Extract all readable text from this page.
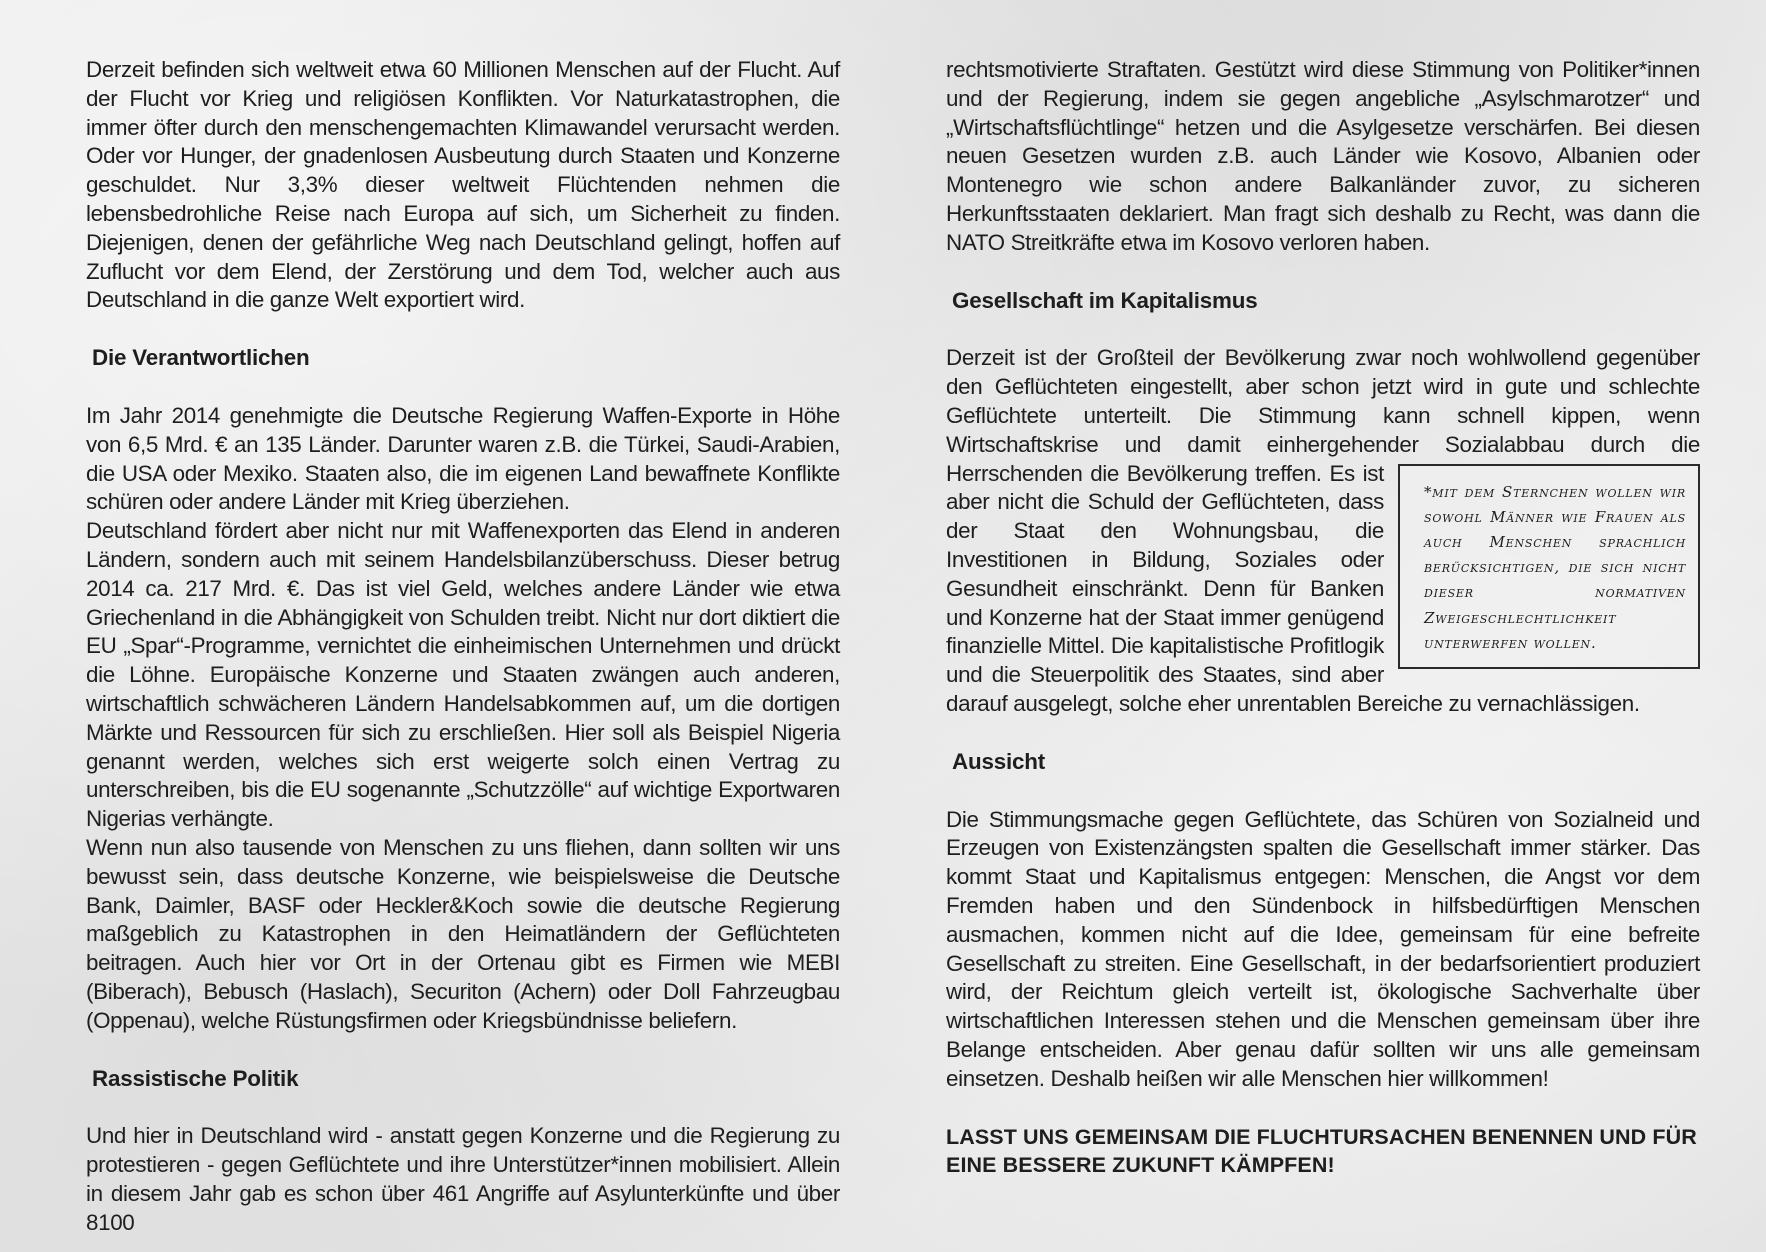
Derzeit befinden sich weltweit etwa 60 Millionen Menschen auf der Flucht. Auf der Flucht vor Krieg und religiösen Konflikten. Vor Naturkatastrophen, die immer öfter durch den menschengemachten Klimawandel verursacht werden. Oder vor Hunger, der gnadenlosen Ausbeutung durch Staaten und Konzerne geschuldet. Nur 3,3% dieser weltweit Flüchtenden nehmen die lebensbedrohliche Reise nach Europa auf sich, um Sicherheit zu finden. Diejenigen, denen der gefährliche Weg nach Deutschland gelingt, hoffen auf Zuflucht vor dem Elend, der Zerstörung und dem Tod, welcher auch aus Deutschland in die ganze Welt exportiert wird.

Die Verantwortlichen

Im Jahr 2014 genehmigte die Deutsche Regierung Waffen-Exporte in Höhe von 6,5 Mrd. € an 135 Länder. Darunter waren z.B. die Türkei, Saudi-Arabien, die USA oder Mexiko. Staaten also, die im eigenen Land bewaffnete Konflikte schüren oder andere Länder mit Krieg überziehen.

Deutschland fördert aber nicht nur mit Waffenexporten das Elend in anderen Ländern, sondern auch mit seinem Handelsbilanzüberschuss. Dieser betrug 2014 ca. 217 Mrd. €. Das ist viel Geld, welches andere Länder wie etwa Griechenland in die Abhängigkeit von Schulden treibt. Nicht nur dort diktiert die EU „Spar“-Programme, vernichtet die einheimischen Unternehmen und drückt die Löhne. Europäische Konzerne und Staaten zwängen auch anderen, wirtschaftlich schwächeren Ländern Handelsabkommen auf, um die dortigen Märkte und Ressourcen für sich zu erschließen. Hier soll als Beispiel Nigeria genannt werden, welches sich erst weigerte solch einen Vertrag zu unterschreiben, bis die EU sogenannte „Schutzzölle“ auf wichtige Exportwaren Nigerias verhängte.

Wenn nun also tausende von Menschen zu uns fliehen, dann sollten wir uns bewusst sein, dass deutsche Konzerne, wie beispielsweise die Deutsche Bank, Daimler, BASF oder Heckler&Koch sowie die deutsche Regierung maßgeblich zu Katastrophen in den Heimatländern der Geflüchteten beitragen. Auch hier vor Ort in der Ortenau gibt es Firmen wie MEBI (Biberach), Bebusch (Haslach), Securiton (Achern) oder Doll Fahrzeugbau (Oppenau), welche Rüstungsfirmen oder Kriegsbündnisse beliefern.

Rassistische Politik

Und hier in Deutschland wird - anstatt gegen Konzerne und die Regierung zu protestieren - gegen Geflüchtete und ihre Unterstützer*innen mobilisiert. Allein in diesem Jahr gab es schon über 461 Angriffe auf Asylunterkünfte und über 8100

rechtsmotivierte Straftaten. Gestützt wird diese Stimmung von Politiker*innen und der Regierung, indem sie gegen angebliche „Asylschmarotzer“ und „Wirtschaftsflüchtlinge“ hetzen und die Asylgesetze verschärfen. Bei diesen neuen Gesetzen wurden z.B. auch Länder wie Kosovo, Albanien oder Montenegro wie schon andere Balkanländer zuvor, zu sicheren Herkunftsstaaten deklariert. Man fragt sich deshalb zu Recht, was dann die NATO Streitkräfte etwa im Kosovo verloren haben.

Gesellschaft im Kapitalismus

Derzeit ist der Großteil der Bevölkerung zwar noch wohlwollend gegenüber den Geflüchteten eingestellt, aber schon jetzt wird in gute und schlechte Geflüchtete unterteilt. Die Stimmung kann schnell kippen, wenn Wirtschaftskrise und damit einhergehender Sozialabbau durch die Herrschenden die Bevölkerung treffen.
*mit dem Sternchen wollen wir sowohl Männer wie Frauen als auch Menschen sprachlich berücksichtigen, die sich nicht dieser normativen Zweigeschlechtlichkeit unterwerfen wollen.
Es ist aber nicht die Schuld der Geflüchteten, dass der Staat den Wohnungsbau, die Investitionen in Bildung, Soziales oder Gesundheit einschränkt. Denn für Banken und Konzerne hat der Staat immer genügend finanzielle Mittel. Die kapitalistische Profitlogik und die Steuerpolitik des Staates, sind aber darauf ausgelegt, solche eher unrentablen Bereiche zu vernachlässigen.

Aussicht

Die Stimmungsmache gegen Geflüchtete, das Schüren von Sozialneid und Erzeugen von Existenzängsten spalten die Gesellschaft immer stärker. Das kommt Staat und Kapitalismus entgegen: Menschen, die Angst vor dem Fremden haben und den Sündenbock in hilfsbedürftigen Menschen ausmachen, kommen nicht auf die Idee, gemeinsam für eine befreite Gesellschaft zu streiten. Eine Gesellschaft, in der bedarfsorientiert produziert wird, der Reichtum gleich verteilt ist, ökologische Sachverhalte über wirtschaftlichen Interessen stehen und die Menschen gemeinsam über ihre Belange entscheiden. Aber genau dafür sollten wir uns alle gemeinsam einsetzen. Deshalb heißen wir alle Menschen hier willkommen!

LASST UNS GEMEINSAM DIE FLUCHTURSACHEN BENENNEN UND FÜR EINE BESSERE ZUKUNFT KÄMPFEN!
